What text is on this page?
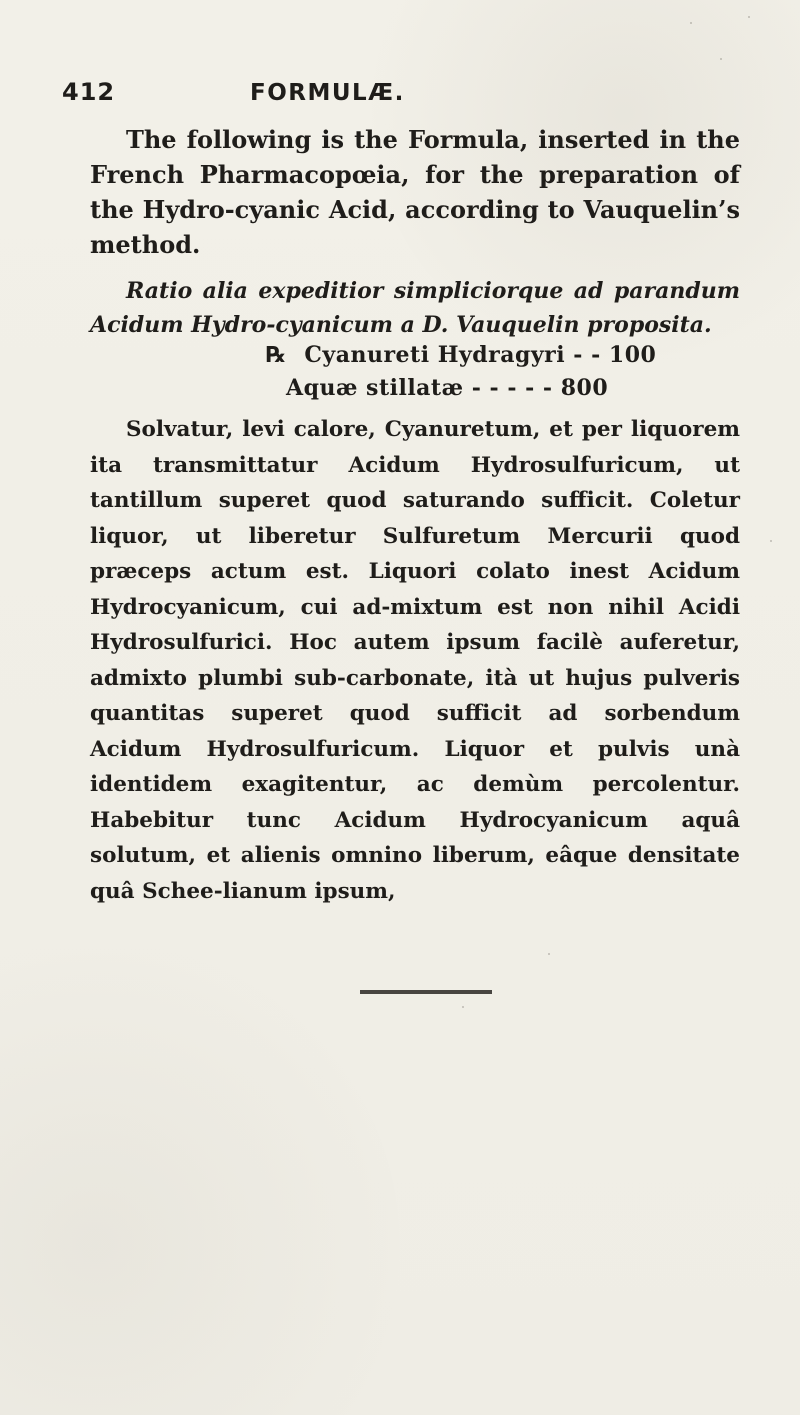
412	FORMULÆ.
The following is the Formula, inserted in the French Pharmacopœia, for the preparation of the Hydro-cyanic Acid, according to Vauquelin’s method.
Ratio alia expeditior simpliciorque ad parandum Acidum Hydro-cyanicum a D. Vauquelin proposita.
℞ Cyanureti Hydragyri - - 100
Aquæ stillatæ - - - - - 800
Solvatur, levi calore, Cyanuretum, et per liquorem ita transmittatur Acidum Hydrosulfuricum, ut tantillum superet quod saturando sufficit. Coletur liquor, ut liberetur Sulfuretum Mercurii quod præceps actum est. Liquori colato inest Acidum Hydrocyanicum, cui ad-mixtum est non nihil Acidi Hydrosulfurici. Hoc autem ipsum facilè auferetur, admixto plumbi sub-carbonate, ità ut hujus pulveris quantitas superet quod sufficit ad sorbendum Acidum Hydrosulfuricum. Liquor et pulvis unà identidem exagitentur, ac demùm percolentur. Habebitur tunc Acidum Hydrocyanicum aquâ solutum, et alienis omnino liberum, eâque densitate quâ Schee-lianum ipsum,
